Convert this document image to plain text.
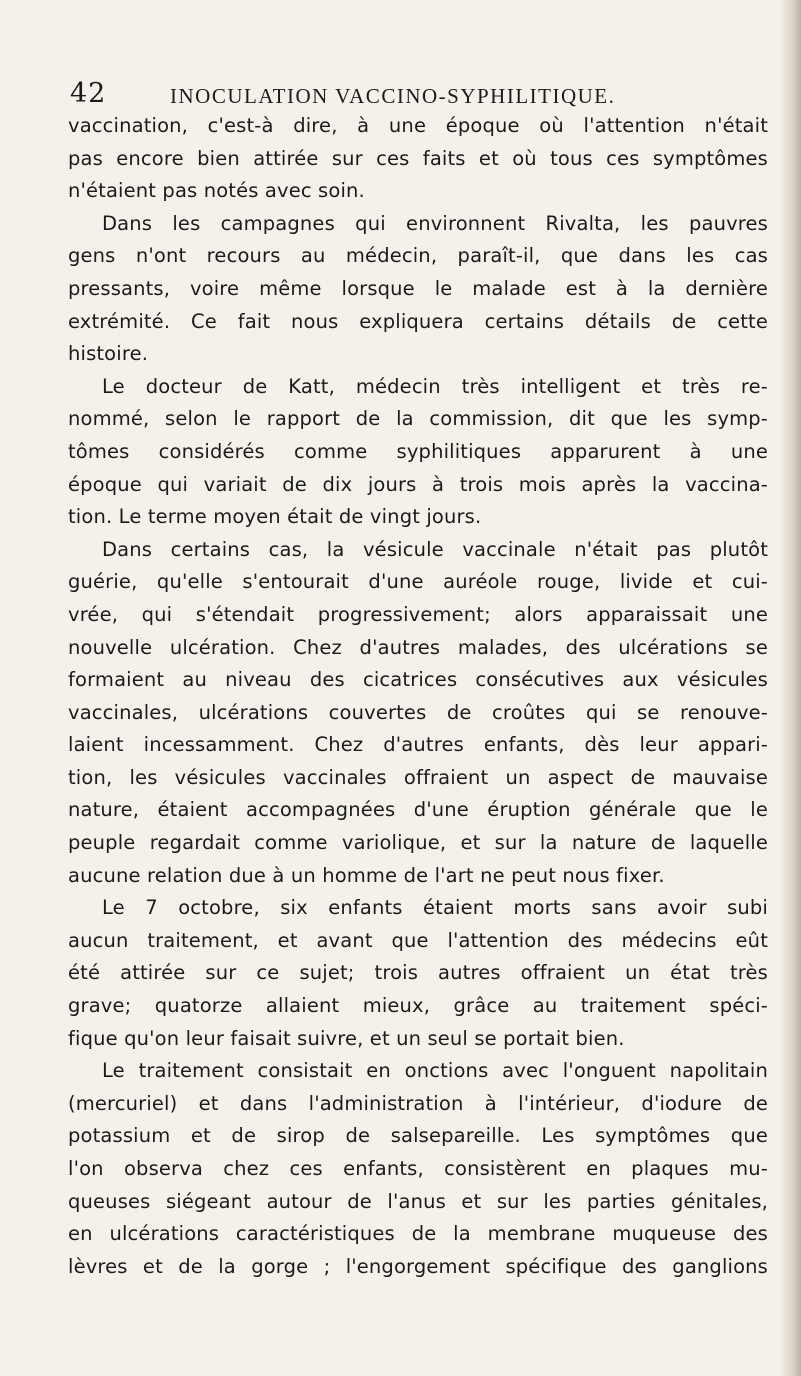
42	INOCULATION VACCINO-SYPHILITIQUE.
vaccination, c'est-à dire, à une époque où l'attention n'était
pas encore bien attirée sur ces faits et où tous ces symptômes
n'étaient pas notés avec soin.
Dans les campagnes qui environnent Rivalta, les pauvres
gens n'ont recours au médecin, paraît-il, que dans les cas
pressants, voire même lorsque le malade est à la dernière
extrémité. Ce fait nous expliquera certains détails de cette
histoire.
Le docteur de Katt, médecin très intelligent et très re-
nommé, selon le rapport de la commission, dit que les symp-
tômes considérés comme syphilitiques apparurent à une
époque qui variait de dix jours à trois mois après la vaccina-
tion. Le terme moyen était de vingt jours.
Dans certains cas, la vésicule vaccinale n'était pas plutôt
guérie, qu'elle s'entourait d'une auréole rouge, livide et cui-
vrée, qui s'étendait progressivement; alors apparaissait une
nouvelle ulcération. Chez d'autres malades, des ulcérations se
formaient au niveau des cicatrices consécutives aux vésicules
vaccinales, ulcérations couvertes de croûtes qui se renouve-
laient incessamment. Chez d'autres enfants, dès leur appari-
tion, les vésicules vaccinales offraient un aspect de mauvaise
nature, étaient accompagnées d'une éruption générale que le
peuple regardait comme variolique, et sur la nature de laquelle
aucune relation due à un homme de l'art ne peut nous fixer.
Le 7 octobre, six enfants étaient morts sans avoir subi
aucun traitement, et avant que l'attention des médecins eût
été attirée sur ce sujet; trois autres offraient un état très
grave; quatorze allaient mieux, grâce au traitement spéci-
fique qu'on leur faisait suivre, et un seul se portait bien.
Le traitement consistait en onctions avec l'onguent napolitain
(mercuriel) et dans l'administration à l'intérieur, d'iodure de
potassium et de sirop de salsepareille. Les symptômes que
l'on observa chez ces enfants, consistèrent en plaques mu-
queuses siégeant autour de l'anus et sur les parties génitales,
en ulcérations caractéristiques de la membrane muqueuse des
lèvres et de la gorge ; l'engorgement spécifique des ganglions
